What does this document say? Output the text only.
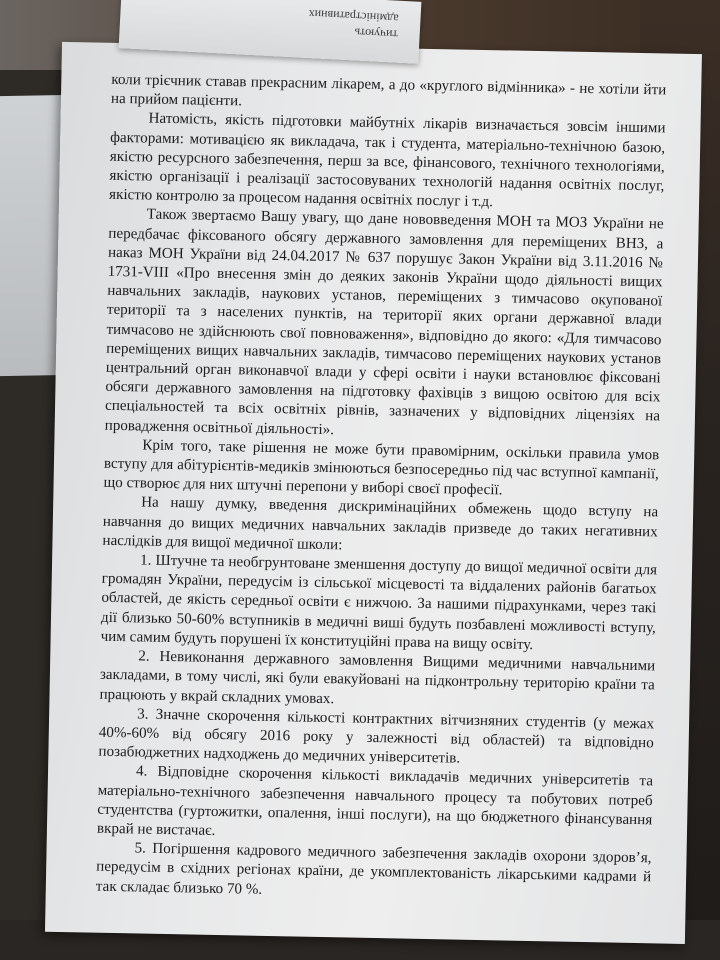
коли трієчник ставав прекрасним лікарем, а до «круглого відмінника» - не хотіли йти на прийом пацієнти.

Натомість, якість підготовки майбутніх лікарів визначається зовсім іншими факторами: мотивацією як викладача, так і студента, матеріально-технічною базою, якістю ресурсного забезпечення, перш за все, фінансового, технічного технологіями, якістю організації і реалізації застосовуваних технологій надання освітніх послуг, якістю контролю за процесом надання освітніх послуг і т.д.

Також звертаємо Вашу увагу, що дане нововведення МОН та МОЗ України не передбачає фіксованого обсягу державного замовлення для переміщених ВНЗ, а наказ МОН України від 24.04.2017 № 637 порушує Закон України від 3.11.2016 № 1731-VIII «Про внесення змін до деяких законів України щодо діяльності вищих навчальних закладів, наукових установ, переміщених з тимчасово окупованої території та з населених пунктів, на території яких органи державної влади тимчасово не здійснюють свої повноваження», відповідно до якого: «Для тимчасово переміщених вищих навчальних закладів, тимчасово переміщених наукових установ центральний орган виконавчої влади у сфері освіти і науки встановлює фіксовані обсяги державного замовлення на підготовку фахівців з вищою освітою для всіх спеціальностей та всіх освітніх рівнів, зазначених у відповідних ліцензіях на провадження освітньої діяльності».

Крім того, таке рішення не може бути правомірним, оскільки правила умов вступу для абітурієнтів-медиків змінюються безпосередньо під час вступної кампанії, що створює для них штучні перепони у виборі своєї професії.

На нашу думку, введення дискримінаційних обмежень щодо вступу на навчання до вищих медичних навчальних закладів призведе до таких негативних наслідків для вищої медичної школи:

1. Штучне та необгрунтоване зменшення доступу до вищої медичної освіти для громадян України, передусім із сільської місцевості та віддалених районів багатьох областей, де якість середньої освіти є нижчою. За нашими підрахунками, через такі дії близько 50-60% вступників в медичні виші будуть позбавлені можливості вступу, чим самим будуть порушені їх конституційні права на вищу освіту.

2. Невиконання державного замовлення Вищими медичними навчальними закладами, в тому числі, які були евакуйовані на підконтрольну територію країни та працюють у вкрай складних умовах.

3. Значне скорочення кількості контрактних вітчизняних студентів (у межах 40%-60% від обсягу 2016 року у залежності від областей) та відповідно позабюджетних надходжень до медичних університетів.

4. Відповідне скорочення кількості викладачів медичних університетів та матеріально-технічного забезпечення навчального процесу та побутових потреб студентства (гуртожитки, опалення, інші послуги), на що бюджетного фінансування вкрай не вистачає.

5. Погіршення кадрового медичного забезпечення закладів охорони здоров’я, передусім в східних регіонах країни, де укомплектованість лікарськими кадрами й так складає близько 70 %.

тичують
адміністративних
